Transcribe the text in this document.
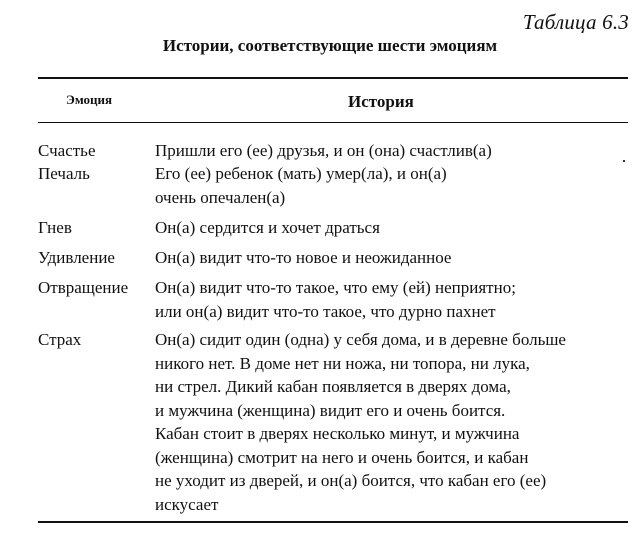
Таблица 6.3
Истории, соответствующие шести эмоциям
Эмоция	История
Счастье	Пришли его (ее) друзья, и он (она) счастлив(а)
Печаль	Его (ее) ребенок (мать) умер(ла), и он(а)
очень опечален(а)
Гнев	Он(а) сердится и хочет драться
Удивление Он(а) видит что-то новое и неожиданное
Отвращение Он(а) видит что-то такое, что ему (ей) неприятно;
или он(а) видит что-то такое, что дурно пахнет
Страх	Он(а) сидит один (одна) у себя дома, и в деревне больше
никого нет. В доме нет ни ножа, ни топора, ни лука,
ни стрел. Дикий кабан появляется в дверях дома,
и мужчина (женщина) видит его и очень боится.
Кабан стоит в дверях несколько минут, и мужчина
(женщина) смотрит на него и очень боится, и кабан
не уходит из дверей, и он(а) боится, что кабан его (ее)
искусает
